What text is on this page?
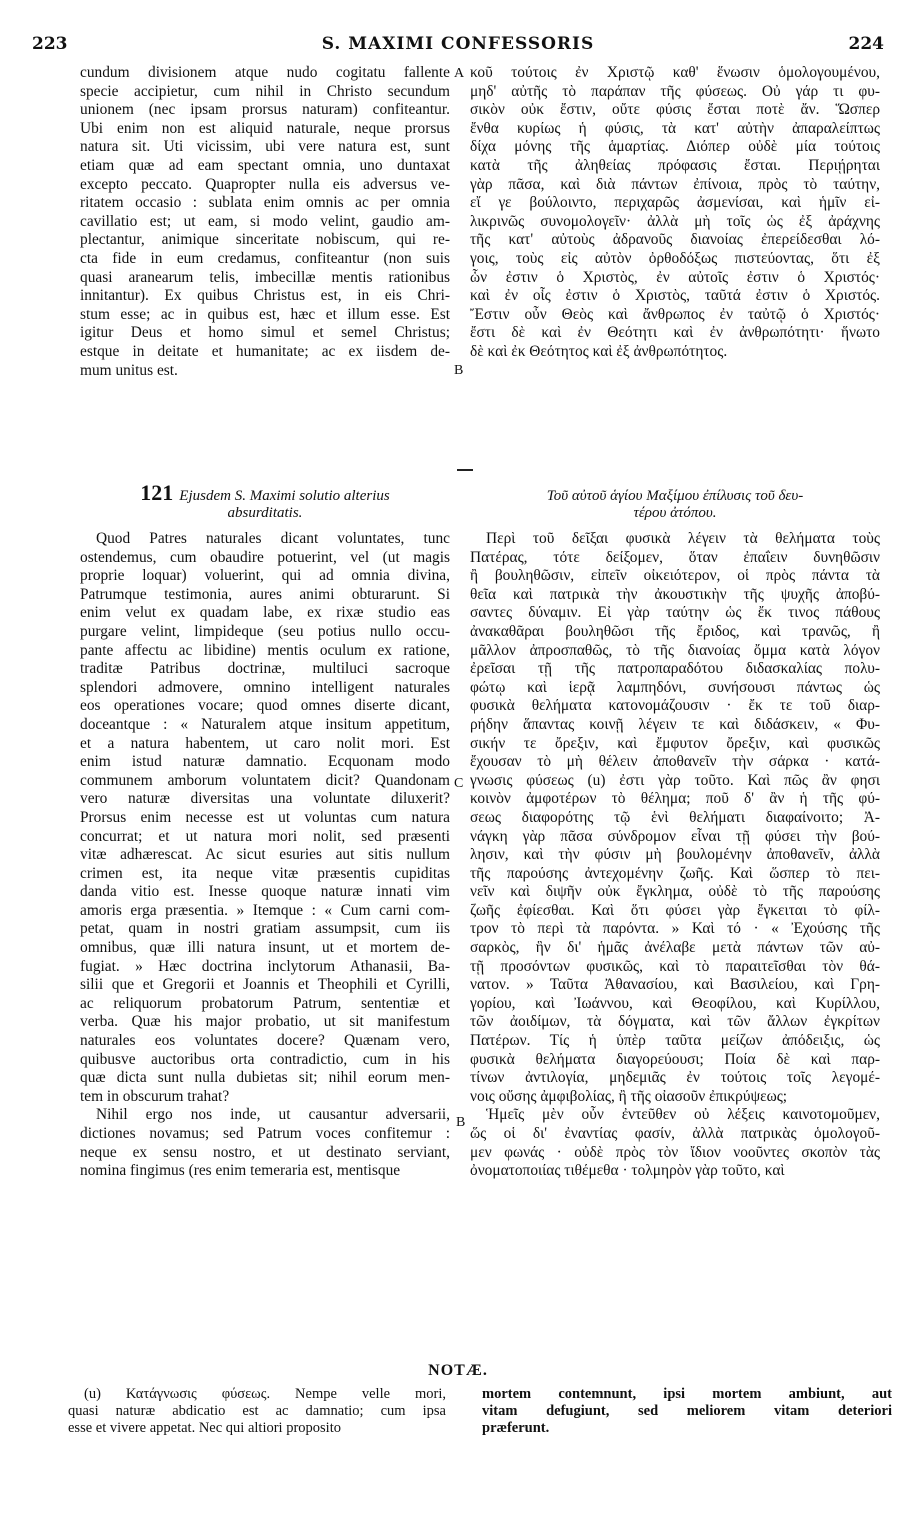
223	S. MAXIMI CONFESSORIS	224
cundum divisionem atque nudo cogitatu fallente
specie accipietur, cum nihil in Christo secundum
unionem (nec ipsam prorsus naturam) confiteantur.
Ubi enim non est aliquid naturale, neque prorsus
natura sit. Uti vicissim, ubi vere natura est, sunt
etiam quæ ad eam spectant omnia, uno duntaxat
excepto peccato. Quapropter nulla eis adversus ve-
ritatem occasio : sublata enim omnis ac per omnia
cavillatio est; ut eam, si modo velint, gaudio am-
plectantur, animique sinceritate nobiscum, qui re-
cta fide in eum credamus, confiteantur (non suis
quasi aranearum telis, imbecillæ mentis rationibus
innitantur). Ex quibus Christus est, in eis Chri-
stum esse; ac in quibus est, hæc et illum esse. Est
igitur Deus et homo simul et semel Christus;
estque in deitate et humanitate; ac ex iisdem de-
mum unitus est.
κοῦ τούτοις ἐν Χριστῷ καθ' ἕνωσιν ὁμολογουμένου,
μηδ' αὐτῆς τὸ παράπαν τῆς φύσεως. Οὐ γάρ τι φυ-
σικὸν οὐκ ἔστιν, οὔτε φύσις ἔσται ποτὲ ἄν. Ὥσπερ
ἔνθα κυρίως ἡ φύσις, τὰ κατ' αὐτὴν ἀπαραλείπτως
δίχα μόνης τῆς ἁμαρτίας. Διόπερ οὐδὲ μία τούτοις
κατὰ τῆς ἀληθείας πρόφασις ἔσται. Περιῄρηται
γὰρ πᾶσα, καὶ διὰ πάντων ἐπίνοια, πρὸς τὸ ταύτην,
εἴ γε βούλοιντο, περιχαρῶς ἀσμενίσαι, καὶ ἡμῖν εἰ-
λικρινῶς συνομολογεῖν· ἀλλὰ μὴ τοῖς ὡς ἐξ ἀράχνης
τῆς κατ' αὐτοὺς ἀδρανοῦς διανοίας ἐπερείδεσθαι λό-
γοις, τοὺς εἰς αὐτὸν ὀρθοδόξως πιστεύοντας, ὅτι ἐξ
ὧν ἐστιν ὁ Χριστὸς, ἐν αὐτοῖς ἐστιν ὁ Χριστός·
καὶ ἐν οἷς ἐστιν ὁ Χριστὸς, ταῦτά ἐστιν ὁ Χριστός.
Ἔστιν οὖν Θεὸς καὶ ἄνθρωπος ἐν ταὐτῷ ὁ Χριστός·
ἔστι δὲ καὶ ἐν Θεότητι καὶ ἐν ἀνθρωπότητι· ἥνωτο
δὲ καὶ ἐκ Θεότητος καὶ ἐξ ἀνθρωπότητος.
A
B
C
B
121 Ejusdem S. Maximi solutio alterius
absurditatis.
Τοῦ αὐτοῦ ἁγίου Μαξίμου ἐπίλυσις τοῦ δευ-
τέρου ἀτόπου.
Quod Patres naturales dicant voluntates, tunc
ostendemus, cum obaudire potuerint, vel (ut magis
proprie loquar) voluerint, qui ad omnia divina,
Patrumque testimonia, aures animi obturarunt. Si
enim velut ex quadam labe, ex rixæ studio eas
purgare velint, limpideque (seu potius nullo occu-
pante affectu ac libidine) mentis oculum ex ratione,
traditæ Patribus doctrinæ, multiluci sacroque
splendori admovere, omnino intelligent naturales
eos operationes vocare; quod omnes diserte dicant,
doceantque : « Naturalem atque insitum appetitum,
et a natura habentem, ut caro nolit mori. Est
enim istud naturæ damnatio. Ecquonam modo
communem amborum voluntatem dicit? Quandonam
vero naturæ diversitas una voluntate diluxerit?
Prorsus enim necesse est ut voluntas cum natura
concurrat; et ut natura mori nolit, sed præsenti
vitæ adhærescat. Ac sicut esuries aut sitis nullum
crimen est, ita neque vitæ præsentis cupiditas
danda vitio est. Inesse quoque naturæ innati vim
amoris erga præsentia. » Itemque : « Cum carni com-
petat, quam in nostri gratiam assumpsit, cum iis
omnibus, quæ illi natura insunt, ut et mortem de-
fugiat. » Hæc doctrina inclytorum Athanasii, Ba-
silii que et Gregorii et Joannis et Theophili et Cyrilli,
ac reliquorum probatorum Patrum, sententiæ et
verba. Quæ his major probatio, ut sit manifestum
naturales eos voluntates docere? Quænam vero,
quibusve auctoribus orta contradictio, cum in his
quæ dicta sunt nulla dubietas sit; nihil eorum men-
tem in obscurum trahat?
Nihil ergo nos inde, ut causantur adversarii,
dictiones novamus; sed Patrum voces confitemur :
neque ex sensu nostro, et ut destinato serviant,
nomina fingimus (res enim temeraria est, mentisque
Περὶ τοῦ δεῖξαι φυσικὰ λέγειν τὰ θελήματα τοὺς
Πατέρας, τότε δείξομεν, ὅταν ἐπαΐειν δυνηθῶσιν
ἢ βουληθῶσιν, εἰπεῖν οἰκειότερον, οἱ πρὸς πάντα τὰ
θεῖα καὶ πατρικὰ τὴν ἀκουστικὴν τῆς ψυχῆς ἀποβύ-
σαντες δύναμιν. Εἰ γὰρ ταύτην ὡς ἔκ τινος πάθους
ἀνακαθᾶραι βουληθῶσι τῆς ἔριδος, καὶ τρανῶς, ἢ
μᾶλλον ἀπροσπαθῶς, τὸ τῆς διανοίας ὄμμα κατὰ λόγον
ἐρεῖσαι τῇ τῆς πατροπαραδότου διδασκαλίας πολυ-
φώτῳ καὶ ἱερᾷ λαμπηδόνι, συνήσουσι πάντως ὡς
φυσικὰ θελήματα κατονομάζουσιν · ἔκ τε τοῦ διαρ-
ρήδην ἅπαντας κοινῇ λέγειν τε καὶ διδάσκειν, « Φυ-
σικήν τε ὄρεξιν, καὶ ἔμφυτον ὄρεξιν, καὶ φυσικῶς
ἔχουσαν τὸ μὴ θέλειν ἀποθανεῖν τὴν σάρκα · κατά-
γνωσις φύσεως (u) ἐστι γὰρ τοῦτο. Καὶ πῶς ἂν φησι
κοινὸν ἀμφοτέρων τὸ θέλημα; ποῦ δ' ἂν ἡ τῆς φύ-
σεως διαφορότης τῷ ἑνὶ θελήματι διαφαίνοιτο; Ἀ-
νάγκη γὰρ πᾶσα σύνδρομον εἶναι τῇ φύσει τὴν βού-
λησιν, καὶ τὴν φύσιν μὴ βουλομένην ἀποθανεῖν, ἀλλὰ
τῆς παρούσης ἀντεχομένην ζωῆς. Καὶ ὥσπερ τὸ πει-
νεῖν καὶ διψῆν οὐκ ἔγκλημα, οὐδὲ τὸ τῆς παρούσης
ζωῆς ἐφίεσθαι. Καὶ ὅτι φύσει γὰρ ἔγκειται τὸ φίλ-
τρον τὸ περὶ τὰ παρόντα. » Καὶ τό · « Ἐχούσης τῆς
σαρκὸς, ἣν δι' ἡμᾶς ἀνέλαβε μετὰ πάντων τῶν αὐ-
τῇ προσόντων φυσικῶς, καὶ τὸ παραιτεῖσθαι τὸν θά-
νατον. » Ταῦτα Ἀθανασίου, καὶ Βασιλείου, καὶ Γρη-
γορίου, καὶ Ἰωάννου, καὶ Θεοφίλου, καὶ Κυρίλλου,
τῶν ἀοιδίμων, τὰ δόγματα, καὶ τῶν ἄλλων ἐγκρίτων
Πατέρων. Τίς ἡ ὑπὲρ ταῦτα μείζων ἀπόδειξις, ὡς
φυσικὰ θελήματα διαγορεύουσι; Ποία δὲ καὶ παρ-
τίνων ἀντιλογία, μηδεμιᾶς ἐν τούτοις τοῖς λεγομέ-
νοις οὔσης ἀμφιβολίας, ἢ τῆς οἰασοῦν ἐπικρύψεως;
Ἡμεῖς μὲν οὖν ἐντεῦθεν οὐ λέξεις καινοτομοῦμεν,
ὥς οἱ δι' ἐναντίας φασίν, ἀλλὰ πατρικὰς ὁμολογοῦ-
μεν φωνάς · οὐδὲ πρὸς τὸν ἴδιον νοοῦντες σκοπὸν τὰς
ὀνοματοποιίας τιθέμεθα · τολμηρὸν γὰρ τοῦτο, καὶ
NOTÆ.
(u) Κατάγνωσις φύσεως. Nempe velle mori,
quasi naturæ abdicatio est ac damnatio; cum ipsa
esse et vivere appetat. Nec qui altiori proposito
mortem contemnunt, ipsi mortem ambiunt, aut
vitam defugiunt, sed meliorem vitam deteriori
præferunt.
